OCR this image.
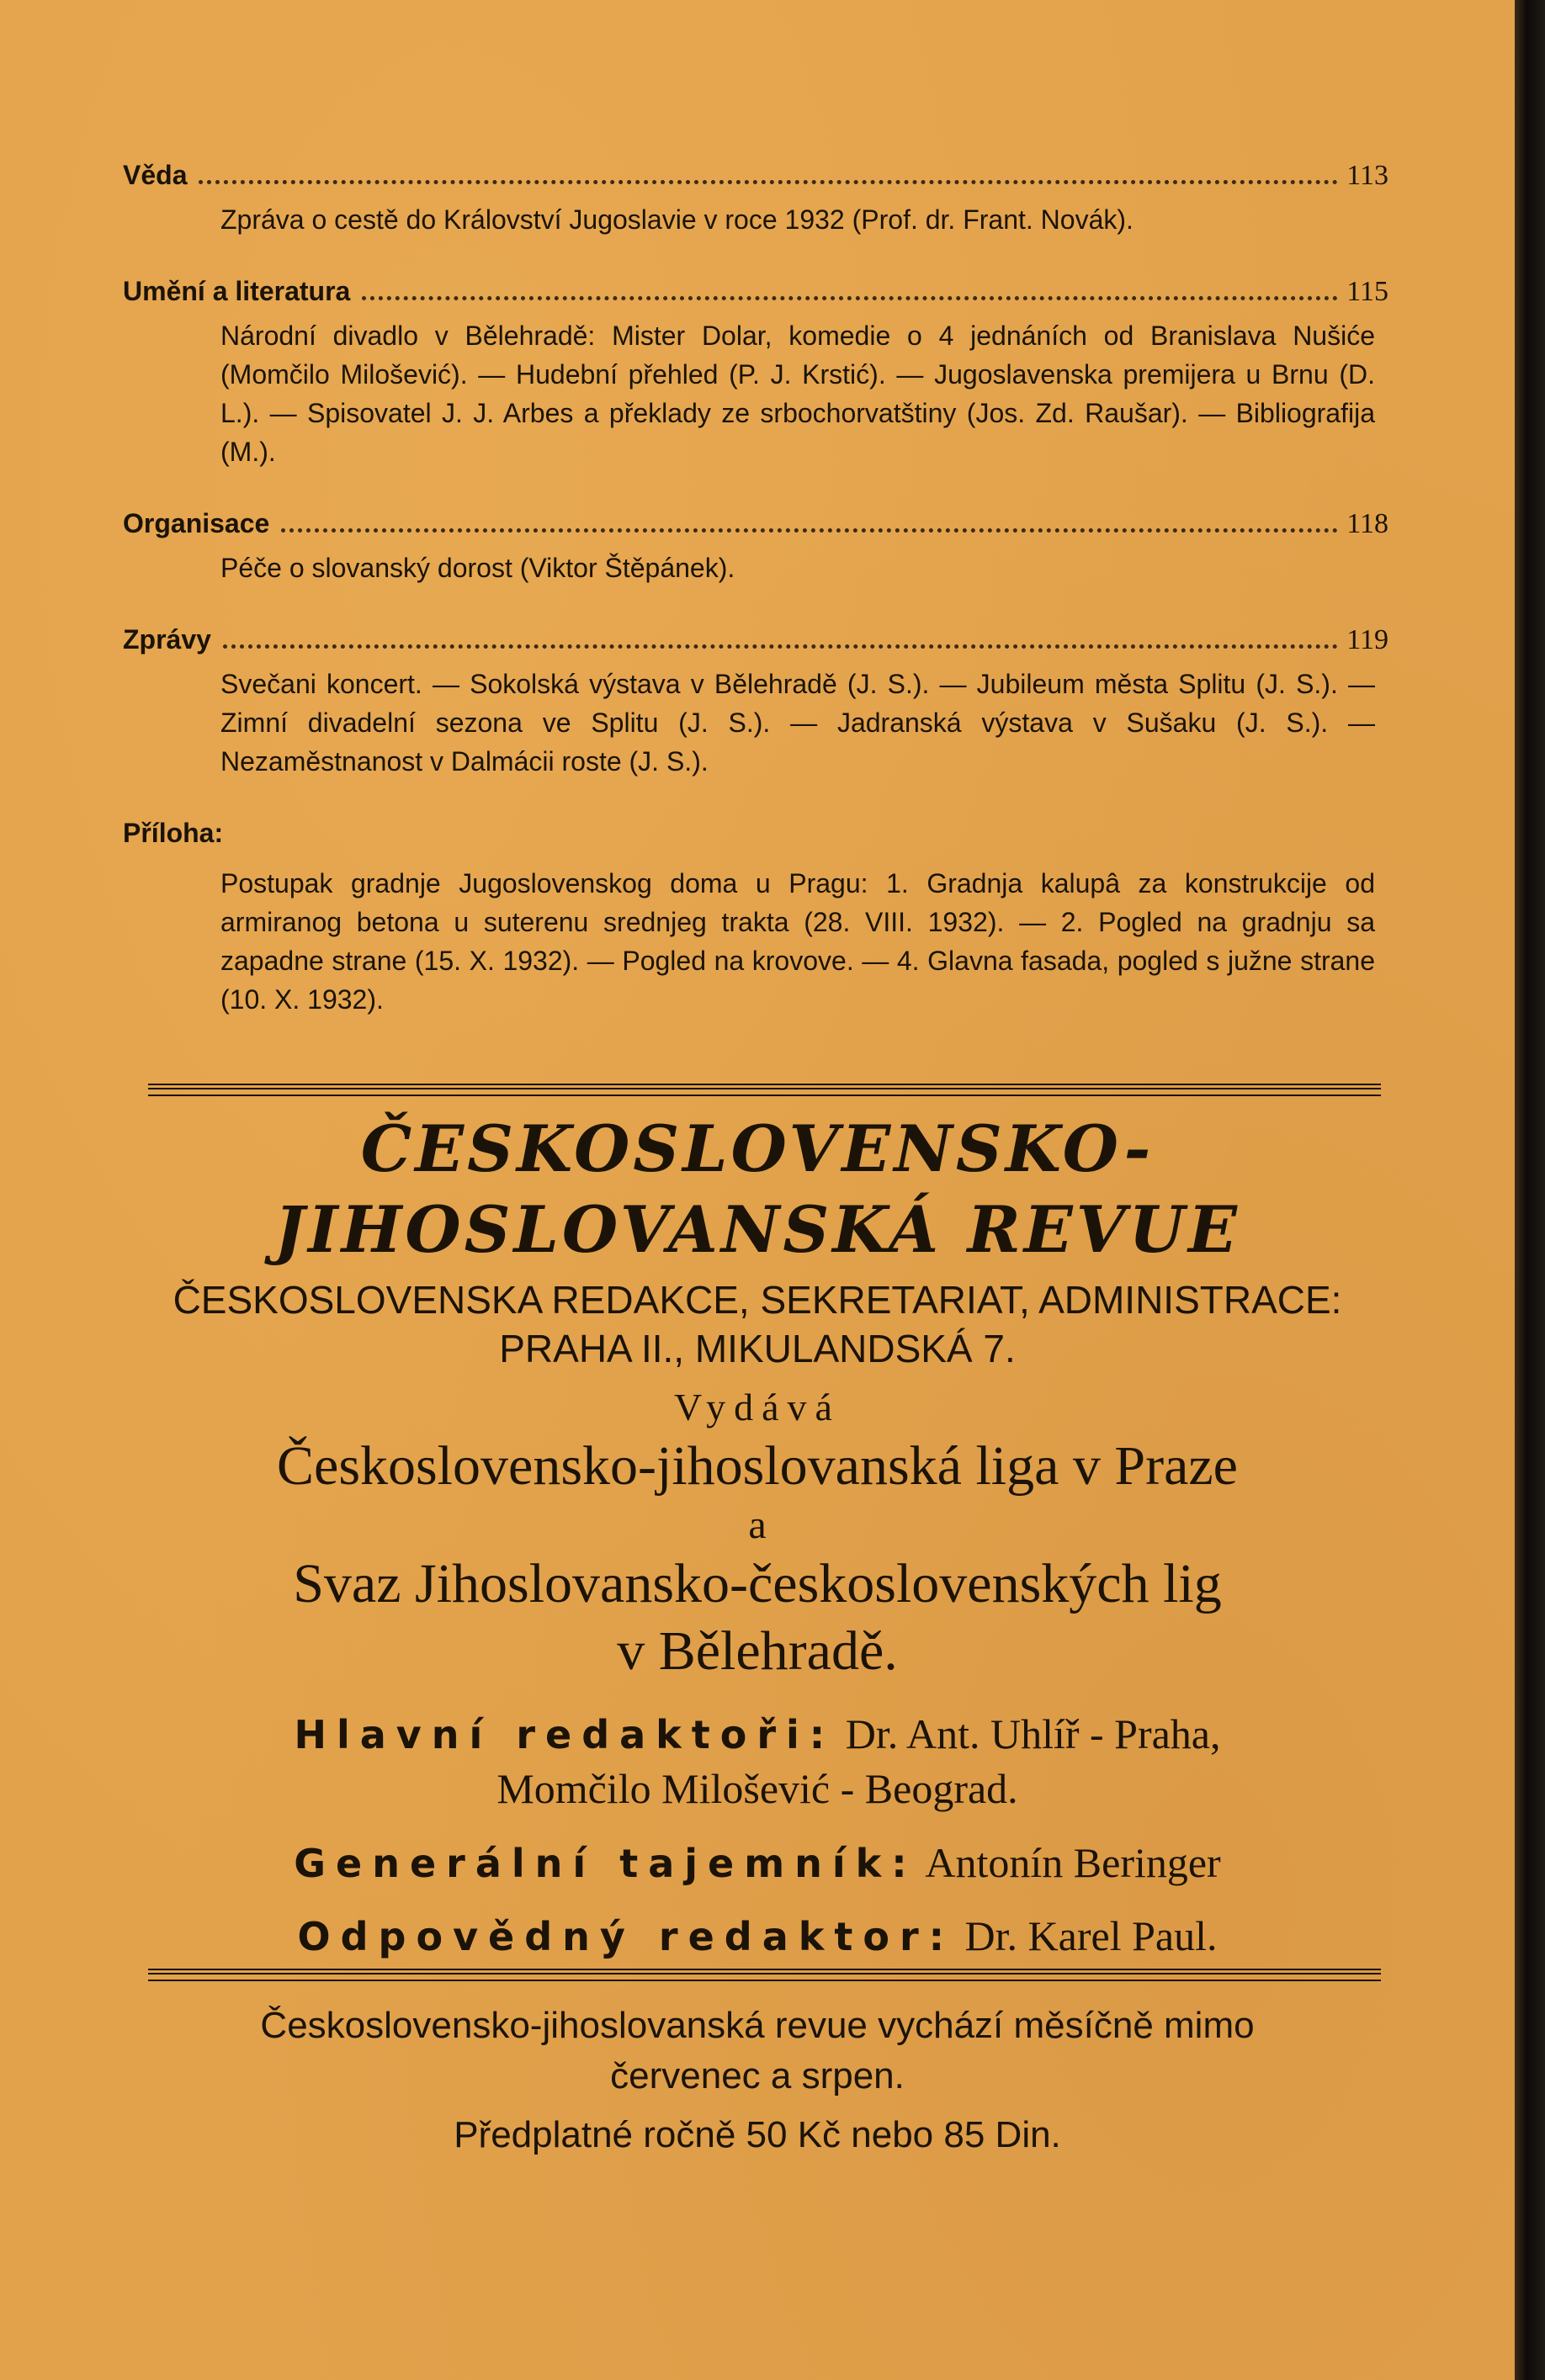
Věda	113
Zpráva o cestě do Království Jugoslavie v roce 1932 (Prof. dr. Frant. Novák).
Umění a literatura	115
Národní divadlo v Bělehradě: Mister Dolar, komedie o 4 jednáních od Branislava Nušiće (Momčilo Milošević). — Hudební přehled (P. J. Krstić). — Jugoslavenska premijera u Brnu (D. L.). — Spisovatel J. J. Arbes a překlady ze srbochorvatštiny (Jos. Zd. Raušar). — Bibliografija (M.).
Organisace	118
Péče o slovanský dorost (Viktor Štěpánek).
Zprávy	119
Svečani koncert. — Sokolská výstava v Bělehradě (J. S.). — Jubileum města Splitu (J. S.). — Zimní divadelní sezona ve Splitu (J. S.). — Jadranská výstava v Sušaku (J. S.). — Nezaměstnanost v Dalmácii roste (J. S.).
Příloha:
Postupak gradnje Jugoslovenskog doma u Pragu: 1. Gradnja kalupâ za konstrukcije od armiranog betona u suterenu srednjeg trakta (28. VIII. 1932). — 2. Pogled na gradnju sa zapadne strane (15. X. 1932). — Pogled na krovove. — 4. Glavna fasada, pogled s južne strane (10. X. 1932).
ČESKOSLOVENSKO-
JIHOSLOVANSKÁ REVUE
ČESKOSLOVENSKA REDAKCE, SEKRETARIAT, ADMINISTRACE:
PRAHA II., MIKULANDSKÁ 7.
Vydává
Československo-jihoslovanská liga v Praze
a
Svaz Jihoslovansko-československých lig
v Bělehradě.
Hlavní redaktoři: Dr. Ant. Uhlíř - Praha,
Momčilo Milošević - Beograd.
Generální tajemník: Antonín Beringer
Odpovědný redaktor: Dr. Karel Paul.
Československo-jihoslovanská revue vychází měsíčně mimo
červenec a srpen.
Předplatné ročně 50 Kč nebo 85 Din.
